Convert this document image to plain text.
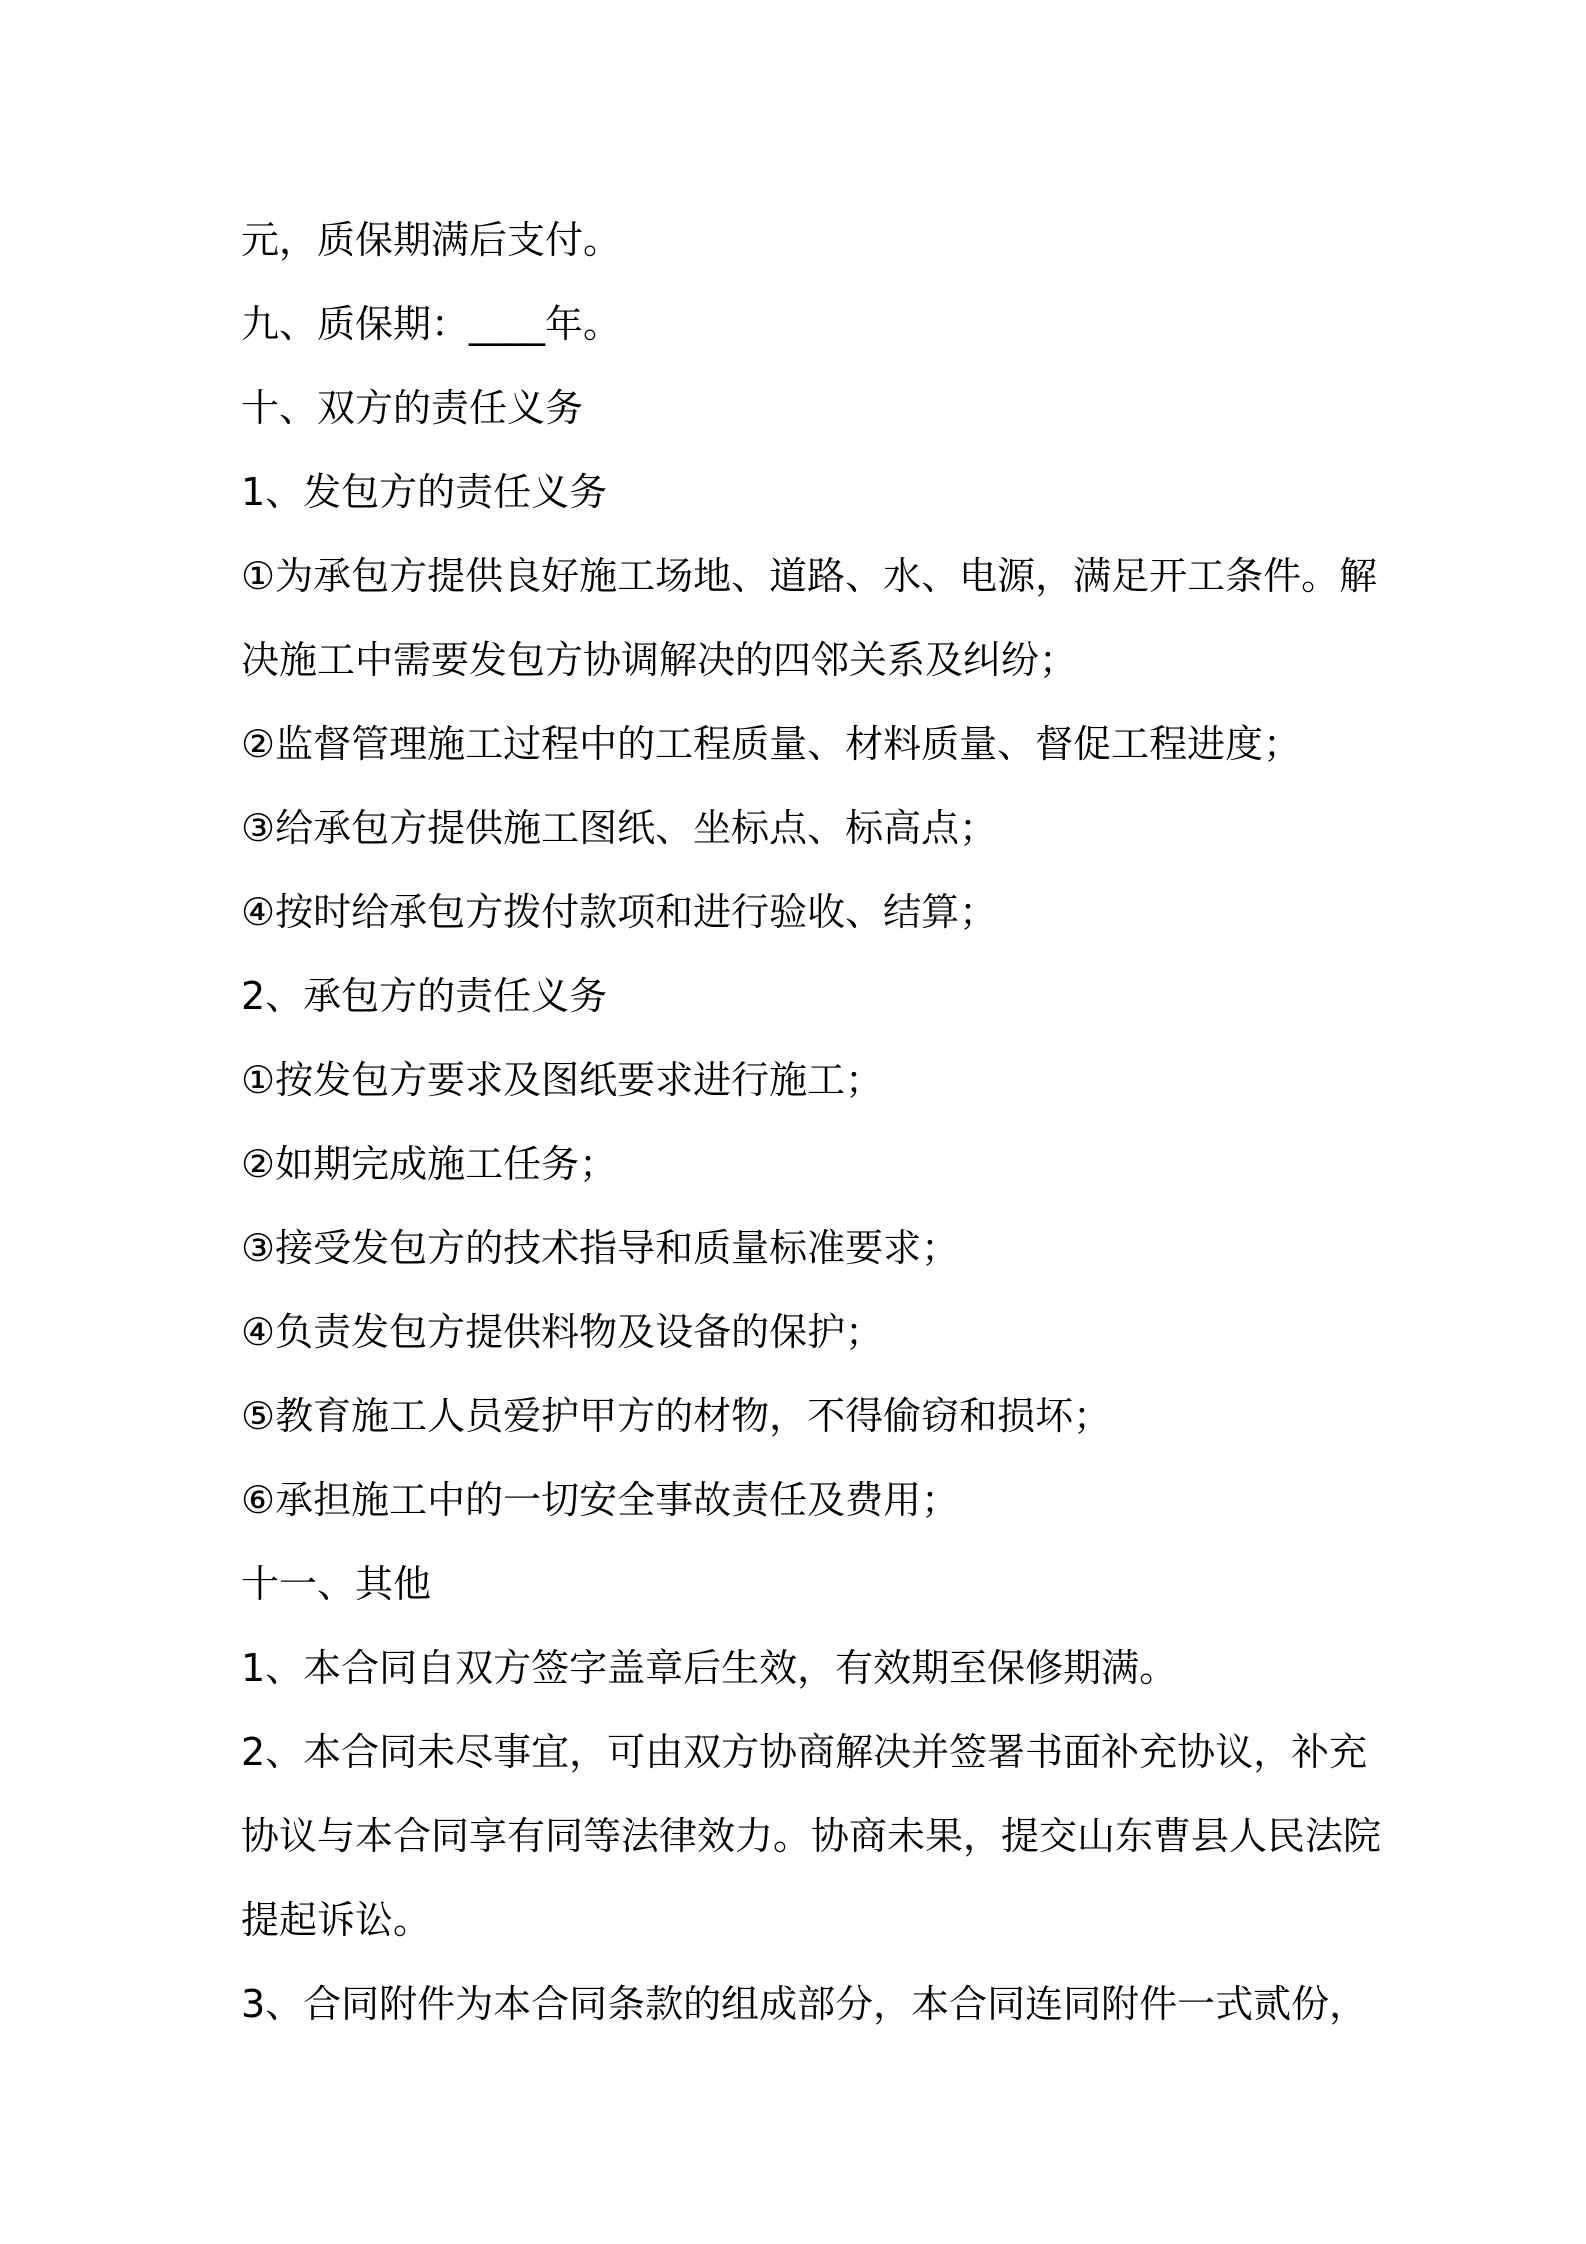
元，质保期满后支付。
九、质保期：____年。
十、双方的责任义务
1、发包方的责任义务
①为承包方提供良好施工场地、道路、水、电源，满足开工条件。解
决施工中需要发包方协调解决的四邻关系及纠纷；
②监督管理施工过程中的工程质量、材料质量、督促工程进度；
③给承包方提供施工图纸、坐标点、标高点；
④按时给承包方拨付款项和进行验收、结算；
2、承包方的责任义务
①按发包方要求及图纸要求进行施工；
②如期完成施工任务；
③接受发包方的技术指导和质量标准要求；
④负责发包方提供料物及设备的保护；
⑤教育施工人员爱护甲方的材物，不得偷窃和损坏；
⑥承担施工中的一切安全事故责任及费用；
十一、其他
1、本合同自双方签字盖章后生效，有效期至保修期满。
2、本合同未尽事宜，可由双方协商解决并签署书面补充协议，补充
协议与本合同享有同等法律效力。协商未果，提交山东曹县人民法院
提起诉讼。
3、合同附件为本合同条款的组成部分，本合同连同附件一式贰份，
